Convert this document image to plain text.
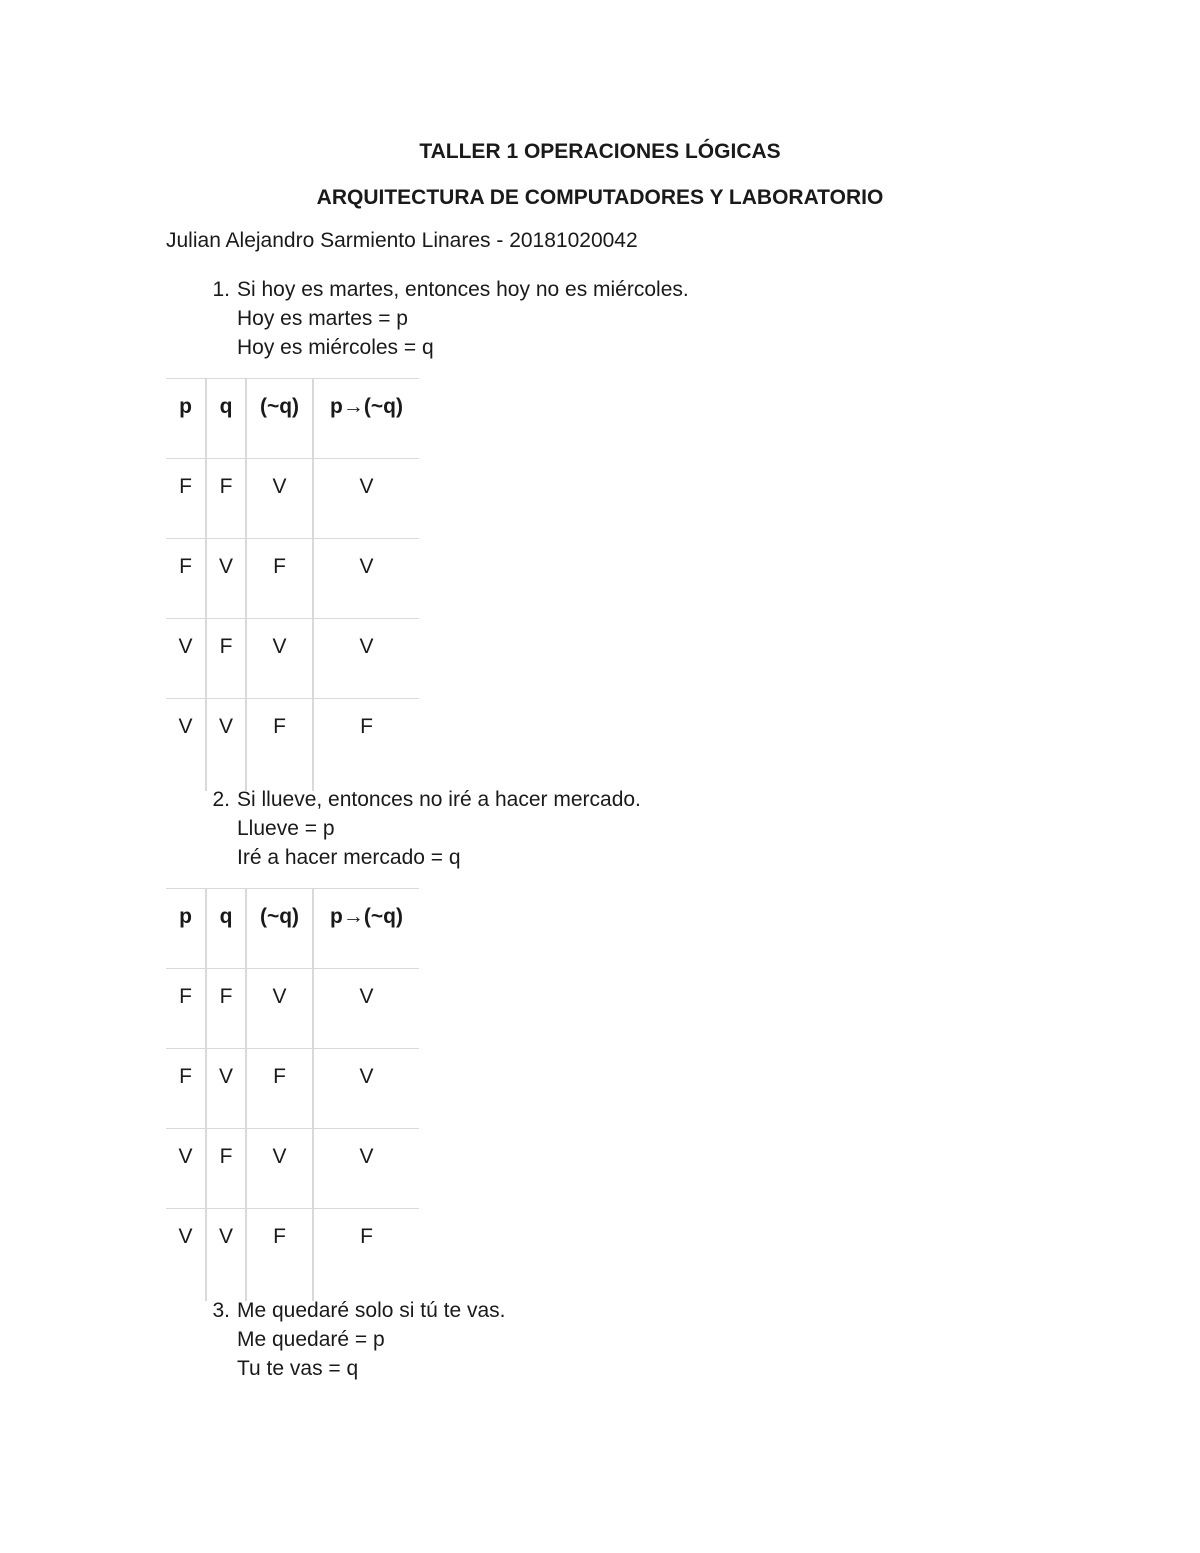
TALLER 1 OPERACIONES LÓGICAS
ARQUITECTURA DE COMPUTADORES Y LABORATORIO

Julian Alejandro Sarmiento Linares - 20181020042

1. Si hoy es martes, entonces hoy no es miércoles.
Hoy es martes = p
Hoy es miércoles = q
p	q	(~q)	p→(~q)
F	F	V	V
F	V	F	V
V	F	V	V
V	V	F	F
2. Si llueve, entonces no iré a hacer mercado.
Llueve = p
Iré a hacer mercado = q
p	q	(~q)	p→(~q)
F	F	V	V
F	V	F	V
V	F	V	V
V	V	F	F
3. Me quedaré solo si tú te vas.
Me quedaré = p
Tu te vas = q
